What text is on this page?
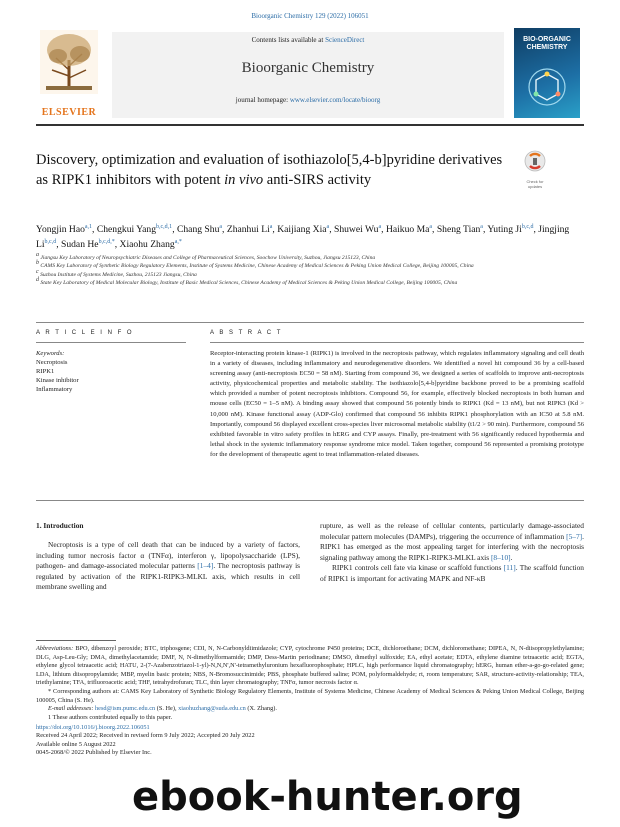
Bioorganic Chemistry 129 (2022) 106051
ELSEVIER
Contents lists available at ScienceDirect
Bioorganic Chemistry
journal homepage: www.elsevier.com/locate/bioorg
BIO-ORGANIC
CHEMISTRY
Check for
updates
Discovery, optimization and evaluation of isothiazolo[5,4-b]pyridine derivatives as RIPK1 inhibitors with potent in vivo anti-SIRS activity
Yongjin Hao$^{a,1}$, Chengkui Yang$^{b,c,d,1}$, Chang Shu$^a$, Zhanhui Li$^a$, Kaijiang Xia$^a$, Shuwei Wu$^a$, Haikuo Ma$^a$, Sheng Tian$^a$, Yuting Ji$^{b,c,d}$, Jingjing Li$^{b,c,d}$, Sudan $He^{b,c,d,*}$, Xiaohu Zhang$^{a,*}$
$^a$ Jiangsu Key Laboratory of Neuropsychiatric Diseases and College of Pharmaceutical Sciences, Soochow University, Suzhou, Jiangsu 215123, China
$^b$ CAMS Key Laboratory of Synthetic Biology Regulatory Elements, Institute of Systems Medicine, Chinese Academy of Medical Sciences & Peking Union Medical College, Beijing 100005, China
$^c$ Suzhou Institute of Systems Medicine, Suzhou, 215123 Jiangsu, China
$^d$ State Key Laboratory of Medical Molecular Biology, Institute of Basic Medical Sciences, Chinese Academy of Medical Sciences & Peking Union Medical College, Beijing 100005, China
A R T I C L E I N F O	A B S T R A C T
Keywords:
Necroptosis
RIPK1
Kinase inhibitor
Inflammatory
Receptor-interacting protein kinase-1 (RIPK1) is involved in the necroptosis pathway, which regulates inflammatory signaling and cell death in a variety of diseases, including inflammatory and neurodegenerative disorders. We identified a novel hit compound 36 by a cell-based screening assay (anti-necroptosis EC50 = 58 nM). Starting from compound 36, we designed a series of scaffolds to improve anti-necroptosis activity, physicochemical properties and metabolic stability. The isothiazolo[5,4-b]pyridine backbone proved to be a promising scaffold which provided a number of potent necroptosis inhibitors. Compound 56, for example, effectively blocked necroptosis in both human and mouse cells (EC50 = 1–5 nM). A binding assay showed that compound 56 potently binds to RIPK1 (Kd = 13 nM), but not RIPK3 (Kd > 10,000 nM). Kinase functional assay (ADP-Glo) confirmed that compound 56 inhibits RIPK1 phosphorylation with an IC50 at 5.8 nM. Importantly, compound 56 displayed excellent cross-species liver microsomal metabolic stability (t1/2 > 90 min). Furthermore, compound 56 exhibited favorable in vitro safety profiles in hERG and CYP assays. Finally, pre-treatment with 56 significantly reduced hypothermia and lethal shock in the systemic inflammatory response syndrome mice model. Taken together, compound 56 represented a promising prototype for the development of therapeutic agent to treat inflammation-related diseases.
1. Introduction

Necroptosis is a type of cell death that can be induced by a variety of factors, including tumor necrosis factor α (TNFα), interferon γ, lipopolysaccharide (LPS), pathogen- and damage-associated molecular patterns [1–4]. The necroptosis pathway is regulated by activation of the RIPK1-RIPK3-MLKL axis, which results in cell membrane swelling and

rupture, as well as the release of cellular contents, particularly damage-associated molecular pattern molecules (DAMPs), triggering the occurrence of inflammation [5–7]. RIPK1 has emerged as the most appealing target for interfering with the necroptosis signaling pathway among the RIPK1-RIPK3-MLKL axis [8–10].

RIPK1 controls cell fate via kinase or scaffold functions [11]. The scaffold function of RIPK1 is important for activating MAPK and NF-κB

Abbreviations: BPO, dibenzoyl peroxide; BTC, triphosgene; CDI, N, N-Carbonyldiimidazole; CYP, cytochrome P450 proteins; DCE, dichloroethane; DCM, dichloromethane; DIPEA, N, N-diisopropylethylamine; DLG, Asp-Leu-Gly; DMA, dimethylacetamide; DMF, N, N-dimethylformamide; DMP, Dess-Martin periodinane; DMSO, dimethyl sulfoxide; EA, ethyl acetate; EDTA, ethylene diamine tetraacetic acid; EGTA, ethylene glycol tetraacetic acid; HATU, 2-(7-Azabenzotriazol-1-yl)-N,N,N',N'-tetramethyluronium hexafluorophosphate; HPLC, high performance liquid chromatography; hERG, human ether-a-go-go-related gene; LDA, lithium diisopropylamide; MBP, myelin basic protein; NBS, N-Bromosuccinimide; PBS, phosphate buffered saline; POM, polyformaldehyde; rt, room temperature; SAR, structure-activity-relationship; TEA, triethylamine; TFA, trifluoroacetic acid; THF, tetrahydrofuran; TLC, thin layer chromatography; TNFα, tumor necrosis factor α.

* Corresponding authors at: CAMS Key Laboratory of Synthetic Biology Regulatory Elements, Institute of Systems Medicine, Chinese Academy of Medical Sciences & Peking Union Medical College, Beijing 100005, China (S. He).

E-mail addresses: hesd@ism.pumc.edu.cn (S. He), xiaohuzhang@suda.edu.cn (X. Zhang).

1 These authors contributed equally to this paper.

https://doi.org/10.1016/j.bioorg.2022.106051
Received 24 April 2022; Received in revised form 9 July 2022; Accepted 20 July 2022
Available online 5 August 2022
0045-2068/© 2022 Published by Elsevier Inc.
ebook-hunter.org
